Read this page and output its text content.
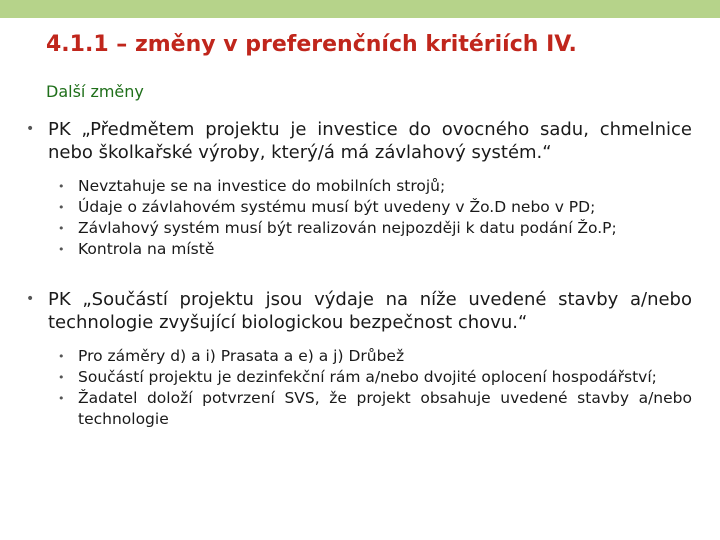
4.1.1 – změny v preferenčních kritériích IV.
Další změny
• PK „Předmětem projektu je investice do ovocného sadu, chmelnice nebo školkařské výroby, který/á má závlahový systém.“
• Nevztahuje se na investice do mobilních strojů;
• Údaje o závlahovém systému musí být uvedeny v Žo.D nebo v PD;
• Závlahový systém musí být realizován nejpozději k datu podání Žo.P;
• Kontrola na místě
• PK „Součástí projektu jsou výdaje na níže uvedené stavby a/nebo technologie zvyšující biologickou bezpečnost chovu.“
• Pro záměry d) a i) Prasata a e) a j) Drůbež
• Součástí projektu je dezinfekční rám a/nebo dvojité oplocení hospodářství;
• Žadatel doloží potvrzení SVS, že projekt obsahuje uvedené stavby a/nebo technologie
